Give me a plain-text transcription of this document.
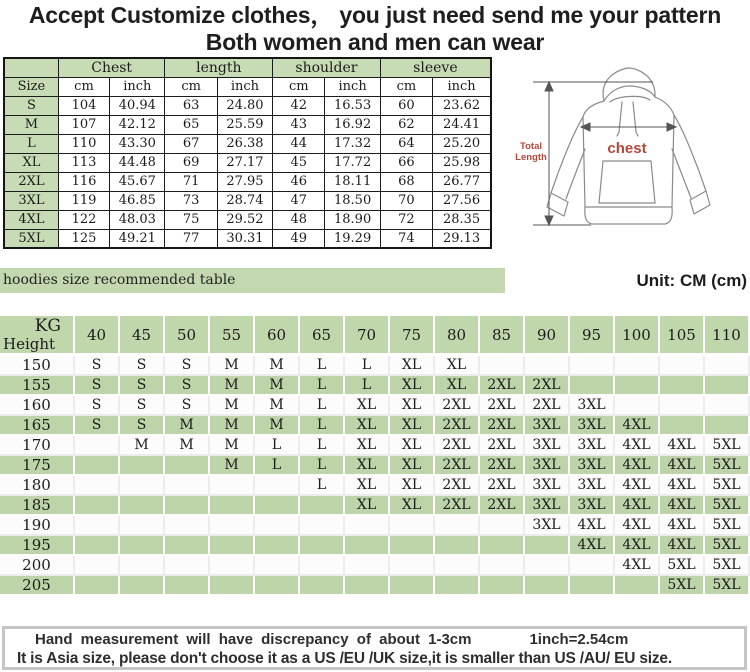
Accept Customize clothes， you just need send me your pattern
Both women and men can wear
	Chest		length		shoulder		sleeve	
Size	cm	inch	cm	inch	cm	inch	cm	inch
S	104	40.94	63	24.80	42	16.53	60	23.62
M	107	42.12	65	25.59	43	16.92	62	24.41
L	110	43.30	67	26.38	44	17.32	64	25.20
XL	113	44.48	69	27.17	45	17.72	66	25.98
2XL	116	45.67	71	27.95	46	18.11	68	26.77
3XL	119	46.85	73	28.74	47	18.50	70	27.56
4XL	122	48.03	75	29.52	48	18.90	72	28.35
5XL	125	49.21	77	30.31	49	19.29	74	29.13
Total
Length
chest
hoodies size recommended table	Unit: CM (cm)
KG
Height	40	45	50	55	60	65	70	75	80	85	90	95	100	105	110
150	S	S	S	M	M	L	L	XL	XL						
155	S	S	S	M	M	L	L	XL	XL	2XL	2XL				
160	S	S	S	M	M	L	XL	XL	2XL	2XL	2XL	3XL			
165	S	S	M	M	M	L	XL	XL	2XL	2XL	3XL	3XL	4XL		
170		M	M	M	L	L	XL	XL	2XL	2XL	3XL	3XL	4XL	4XL	5XL
175				M	L	L	XL	XL	2XL	2XL	3XL	3XL	4XL	4XL	5XL
180						L	XL	XL	2XL	2XL	3XL	3XL	4XL	4XL	5XL
185							XL	XL	2XL	2XL	3XL	3XL	4XL	4XL	5XL
190											3XL	4XL	4XL	4XL	5XL
195												4XL	4XL	4XL	5XL
200													4XL	5XL	5XL
205														5XL	5XL
Hand measurement will have discrepancy of about 1-3cm	1inch=2.54cm
It is Asia size, please don't choose it as a US /EU /UK size,it is smaller than US /AU/ EU size.
